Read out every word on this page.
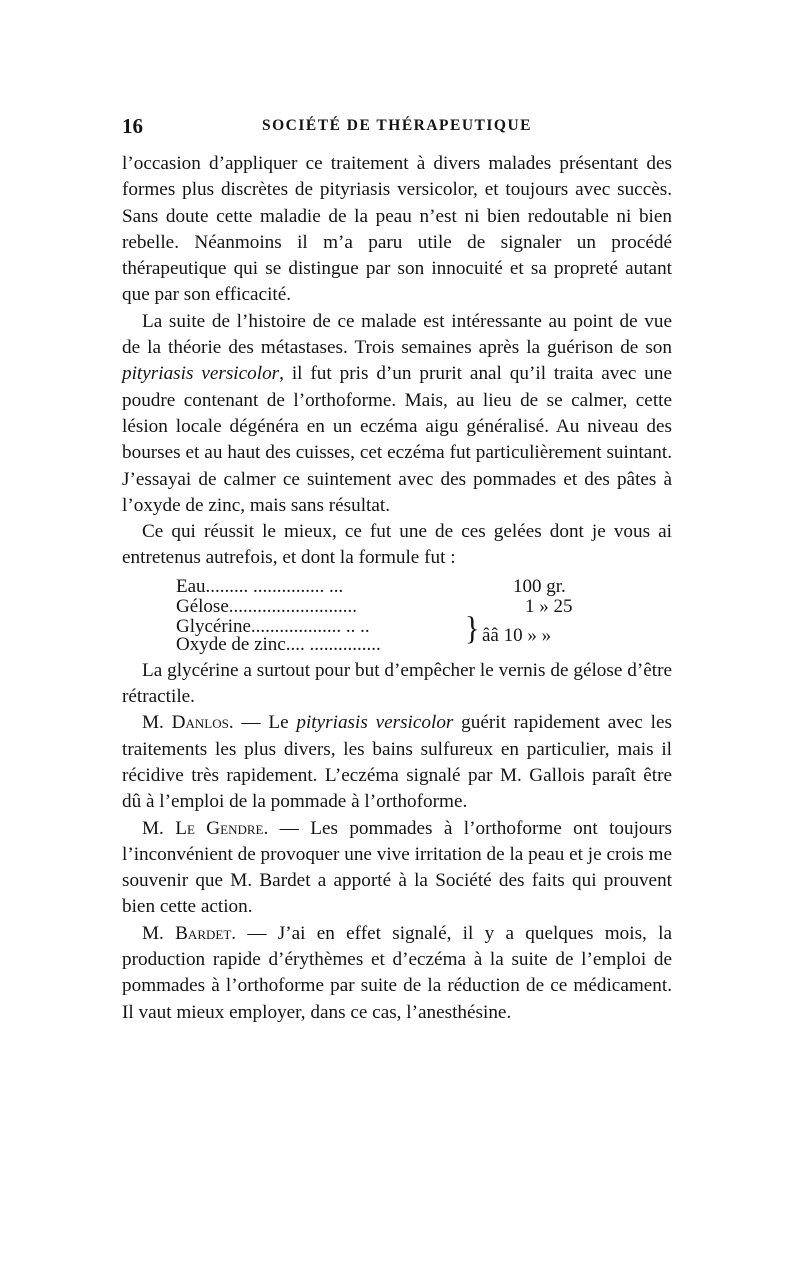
16	SOCIÉTÉ DE THÉRAPEUTIQUE

l’occasion d’appliquer ce traitement à divers malades présentant des formes plus discrètes de pityriasis versicolor, et toujours avec succès. Sans doute cette maladie de la peau n’est ni bien redoutable ni bien rebelle. Néanmoins il m’a paru utile de signaler un procédé thérapeutique qui se distingue par son innocuité et sa propreté autant que par son efficacité.

La suite de l’histoire de ce malade est intéressante au point de vue de la théorie des métastases. Trois semaines après la guérison de son pityriasis versicolor, il fut pris d’un prurit anal qu’il traita avec une poudre contenant de l’orthoforme. Mais, au lieu de se calmer, cette lésion locale dégénéra en un eczéma aigu généralisé. Au niveau des bourses et au haut des cuisses, cet eczéma fut particulièrement suintant. J’essayai de calmer ce suintement avec des pommades et des pâtes à l’oxyde de zinc, mais sans résultat.

Ce qui réussit le mieux, ce fut une de ces gelées dont je vous ai entretenus autrefois, et dont la formule fut :

Eau......... ............... ...	100 gr.
Gélose...........................	1 » 25
Glycérine................... .. ..
Oxyde de zinc.... ...............	} ââ 10 » »

La glycérine a surtout pour but d’empêcher le vernis de gélose d’être rétractile.

M. Danlos. — Le pityriasis versicolor guérit rapidement avec les traitements les plus divers, les bains sulfureux en particulier, mais il récidive très rapidement. L’eczéma signalé par M. Gallois paraît être dû à l’emploi de la pommade à l’orthoforme.

M. Le Gendre. — Les pommades à l’orthoforme ont toujours l’inconvénient de provoquer une vive irritation de la peau et je crois me souvenir que M. Bardet a apporté à la Société des faits qui prouvent bien cette action.

M. Bardet. — J’ai en effet signalé, il y a quelques mois, la production rapide d’érythèmes et d’eczéma à la suite de l’emploi de pommades à l’orthoforme par suite de la réduction de ce médicament. Il vaut mieux employer, dans ce cas, l’anesthésine.
